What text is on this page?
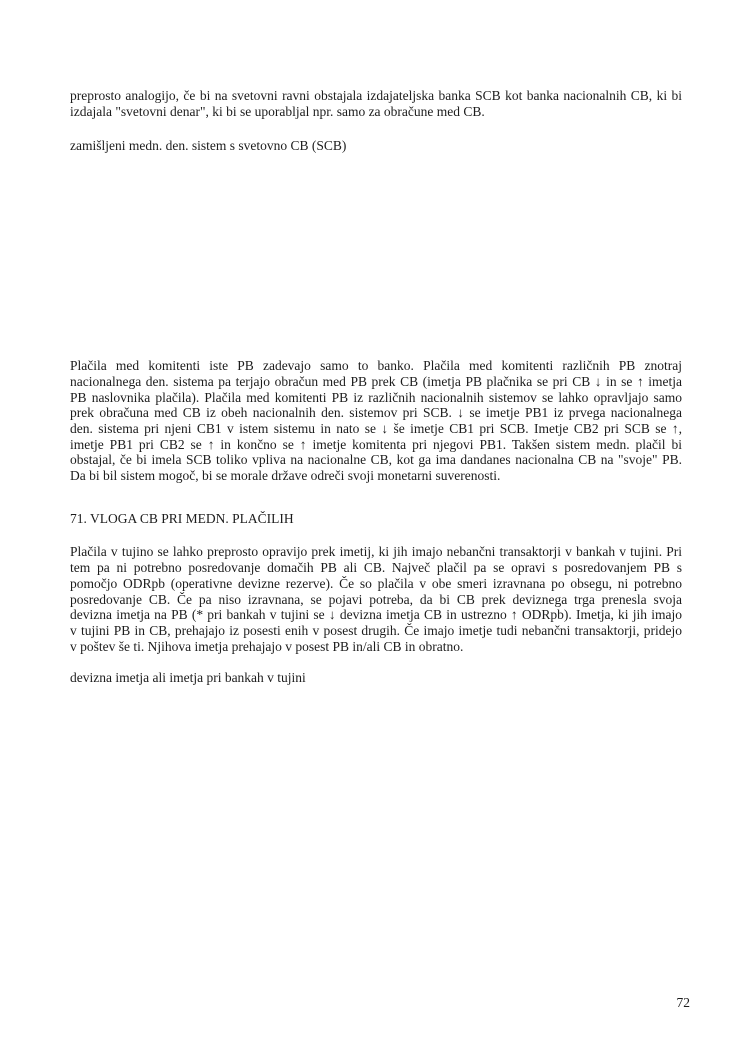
preprosto analogijo, če bi na svetovni ravni obstajala izdajateljska banka SCB kot banka nacionalnih CB, ki bi
izdajala "svetovni denar", ki bi se uporabljal npr. samo za obračune med CB.
zamišljeni medn. den. sistem s svetovno CB (SCB)
Plačila med komitenti iste PB zadevajo samo to banko. Plačila med komitenti različnih PB znotraj
nacionalnega den. sistema pa terjajo obračun med PB prek CB (imetja PB plačnika se pri CB ↓ in se ↑ imetja
PB naslovnika plačila). Plačila med komitenti PB iz različnih nacionalnih sistemov se lahko opravljajo samo
prek obračuna med CB iz obeh nacionalnih den. sistemov pri SCB. ↓ se imetje PB1 iz prvega nacionalnega
den. sistema pri njeni CB1 v istem sistemu in nato se ↓ še imetje CB1 pri SCB. Imetje CB2 pri SCB se ↑,
imetje PB1 pri CB2 se ↑ in končno se ↑ imetje komitenta pri njegovi PB1. Takšen sistem medn. plačil bi
obstajal, če bi imela SCB toliko vpliva na nacionalne CB, kot ga ima dandanes nacionalna CB na "svoje" PB.
Da bi bil sistem mogoč, bi se morale države odreči svoji monetarni suverenosti.
71. VLOGA CB PRI MEDN. PLAČILIH
Plačila v tujino se lahko preprosto opravijo prek imetij, ki jih imajo nebančni transaktorji v bankah v tujini. Pri
tem pa ni potrebno posredovanje domačih PB ali CB. Največ plačil pa se opravi s posredovanjem PB s
pomočjo ODRpb (operativne devizne rezerve). Če so plačila v obe smeri izravnana po obsegu, ni potrebno
posredovanje CB. Če pa niso izravnana, se pojavi potreba, da bi CB prek deviznega trga prenesla svoja
devizna imetja na PB (* pri bankah v tujini se ↓ devizna imetja CB in ustrezno ↑ ODRpb). Imetja, ki jih imajo
v tujini PB in CB, prehajajo iz posesti enih v posest drugih. Če imajo imetje tudi nebančni transaktorji, pridejo
v poštev še ti. Njihova imetja prehajajo v posest PB in/ali CB in obratno.
devizna imetja ali imetja pri bankah v tujini
72
